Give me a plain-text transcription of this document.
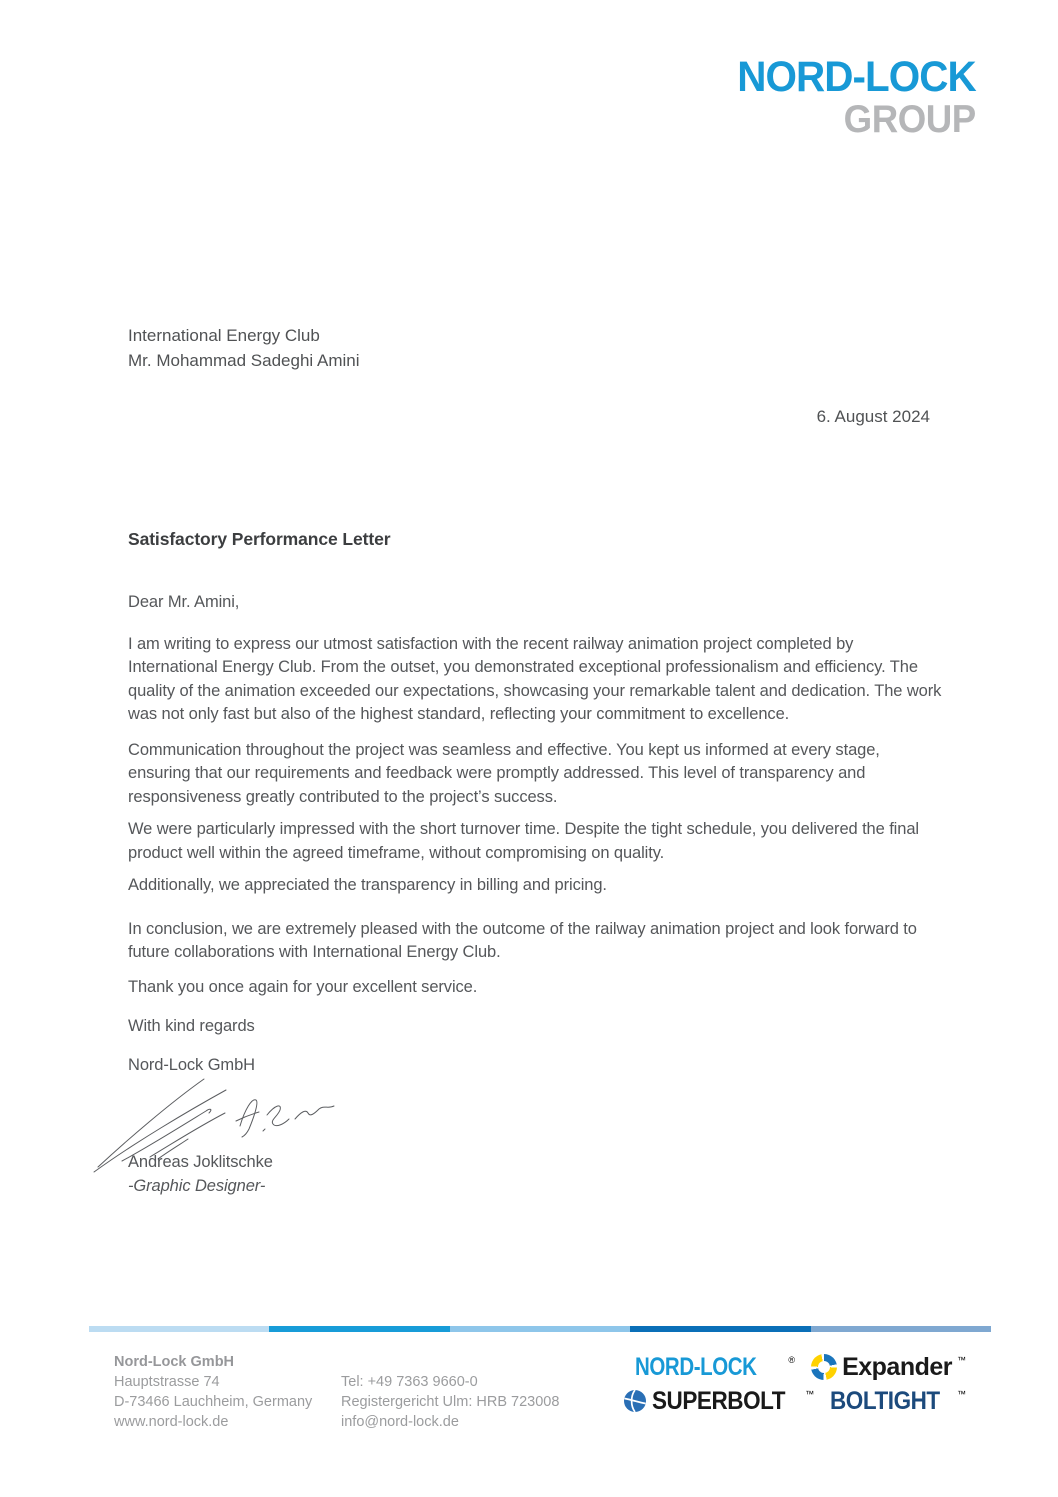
NORD-LOCK
GROUP
International Energy Club
Mr. Mohammad Sadeghi Amini
6. August 2024
Satisfactory Performance Letter
Dear Mr. Amini,

I am writing to express our utmost satisfaction with the recent railway animation project completed by International Energy Club. From the outset, you demonstrated exceptional professionalism and efficiency. The quality of the animation exceeded our expectations, showcasing your remarkable talent and dedication. The work was not only fast but also of the highest standard, reflecting your commitment to excellence.

Communication throughout the project was seamless and effective. You kept us informed at every stage, ensuring that our requirements and feedback were promptly addressed. This level of transparency and responsiveness greatly contributed to the project’s success.

We were particularly impressed with the short turnover time. Despite the tight schedule, you delivered the final product well within the agreed timeframe, without compromising on quality.

Additionally, we appreciated the transparency in billing and pricing.

In conclusion, we are extremely pleased with the outcome of the railway animation project and look forward to future collaborations with International Energy Club.

Thank you once again for your excellent service.

With kind regards
Nord-Lock GmbH
Andreas Joklitschke
-Graphic Designer-
Nord-Lock GmbH
Hauptstrasse 74
D-73466 Lauchheim, Germany
www.nord-lock.de
Tel: +49 7363 9660-0
Registergericht Ulm: HRB 723008
info@nord-lock.de
NORD-LOCK	® Expander ™
SUPERBOLT ™ BOLTIGHT ™
